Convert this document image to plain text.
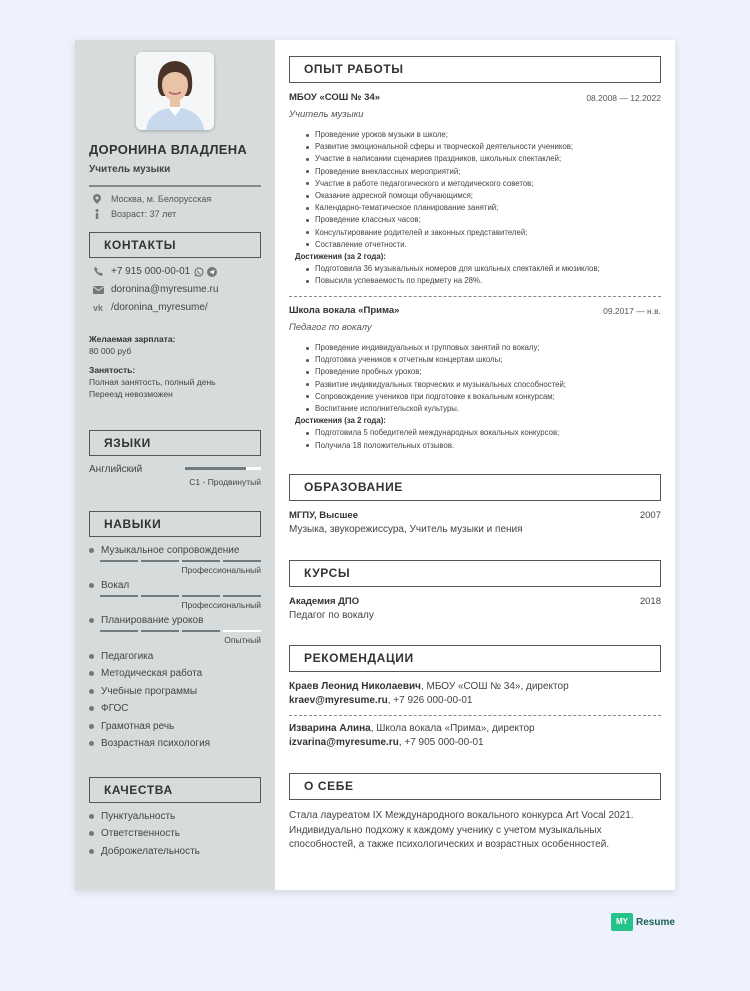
ДОРОНИНА ВЛАДЛЕНА
Учитель музыки
Москва, м. Белорусская
Возраст: 37 лет
КОНТАКТЫ
+7 915 000-00-01
doronina@myresume.ru
vk /doronina_myresume/
Желаемая зарплата:
80 000 руб
Занятость:
Полная занятость, полный день
Переезд невозможен
ЯЗЫКИ
Английский
C1 - Продвинутый
НАВЫКИ
Музыкальное сопровождение
Профессиональный
Вокал
Профессиональный
Планирование уроков
Опытный
Педагогика
Методическая работа
Учебные программы
ФГОС
Грамотная речь
Возрастная психология
КАЧЕСТВА
Пунктуальность
Ответственность
Доброжелательность
ОПЫТ РАБОТЫ
МБОУ «СОШ № 34»	08.2008 — 12.2022
Учитель музыки
Проведение уроков музыки в школе;
Развитие эмоциональной сферы и творческой деятельности учеников;
Участие в написании сценариев праздников, школьных спектаклей;
Проведение внеклассных мероприятий;
Участие в работе педагогического и методического советов;
Оказание адресной помощи обучающимся;
Календарно-тематическое планирование занятий;
Проведение классных часов;
Консультирование родителей и законных представителей;
Составление отчетности.
Достижения (за 2 года):
Подготовила 36 музыкальных номеров для школьных спектаклей и мюзиклов;
Повысила успеваемость по предмету на 28%.
Школа вокала «Прима»	09.2017 — н.в.
Педагог по вокалу
Проведение индивидуальных и групповых занятий по вокалу;
Подготовка учеников к отчетным концертам школы;
Проведение пробных уроков;
Развитие индивидуальных творческих и музыкальных способностей;
Сопровождение учеников при подготовке к вокальным конкурсам;
Воспитание исполнительской культуры.
Достижения (за 2 года):
Подготовила 5 победителей международных вокальных конкурсов;
Получила 18 положительных отзывов.
ОБРАЗОВАНИЕ
МГПУ, Высшее	2007
Музыка, звукорежиссура, Учитель музыки и пения
КУРСЫ
Академия ДПО	2018
Педагог по вокалу
РЕКОМЕНДАЦИИ
Краев Леонид Николаевич, МБОУ «СОШ № 34», директор
kraev@myresume.ru, +7 926 000-00-01
Изварина Алина, Школа вокала «Прима», директор
izvarina@myresume.ru, +7 905 000-00-01
О СЕБЕ
Стала лауреатом IX Международного вокального конкурса Art Vocal 2021. Индивидуально подхожу к каждому ученику с учетом музыкальных способностей, а также психологических и возрастных особенностей.
MY Resume
